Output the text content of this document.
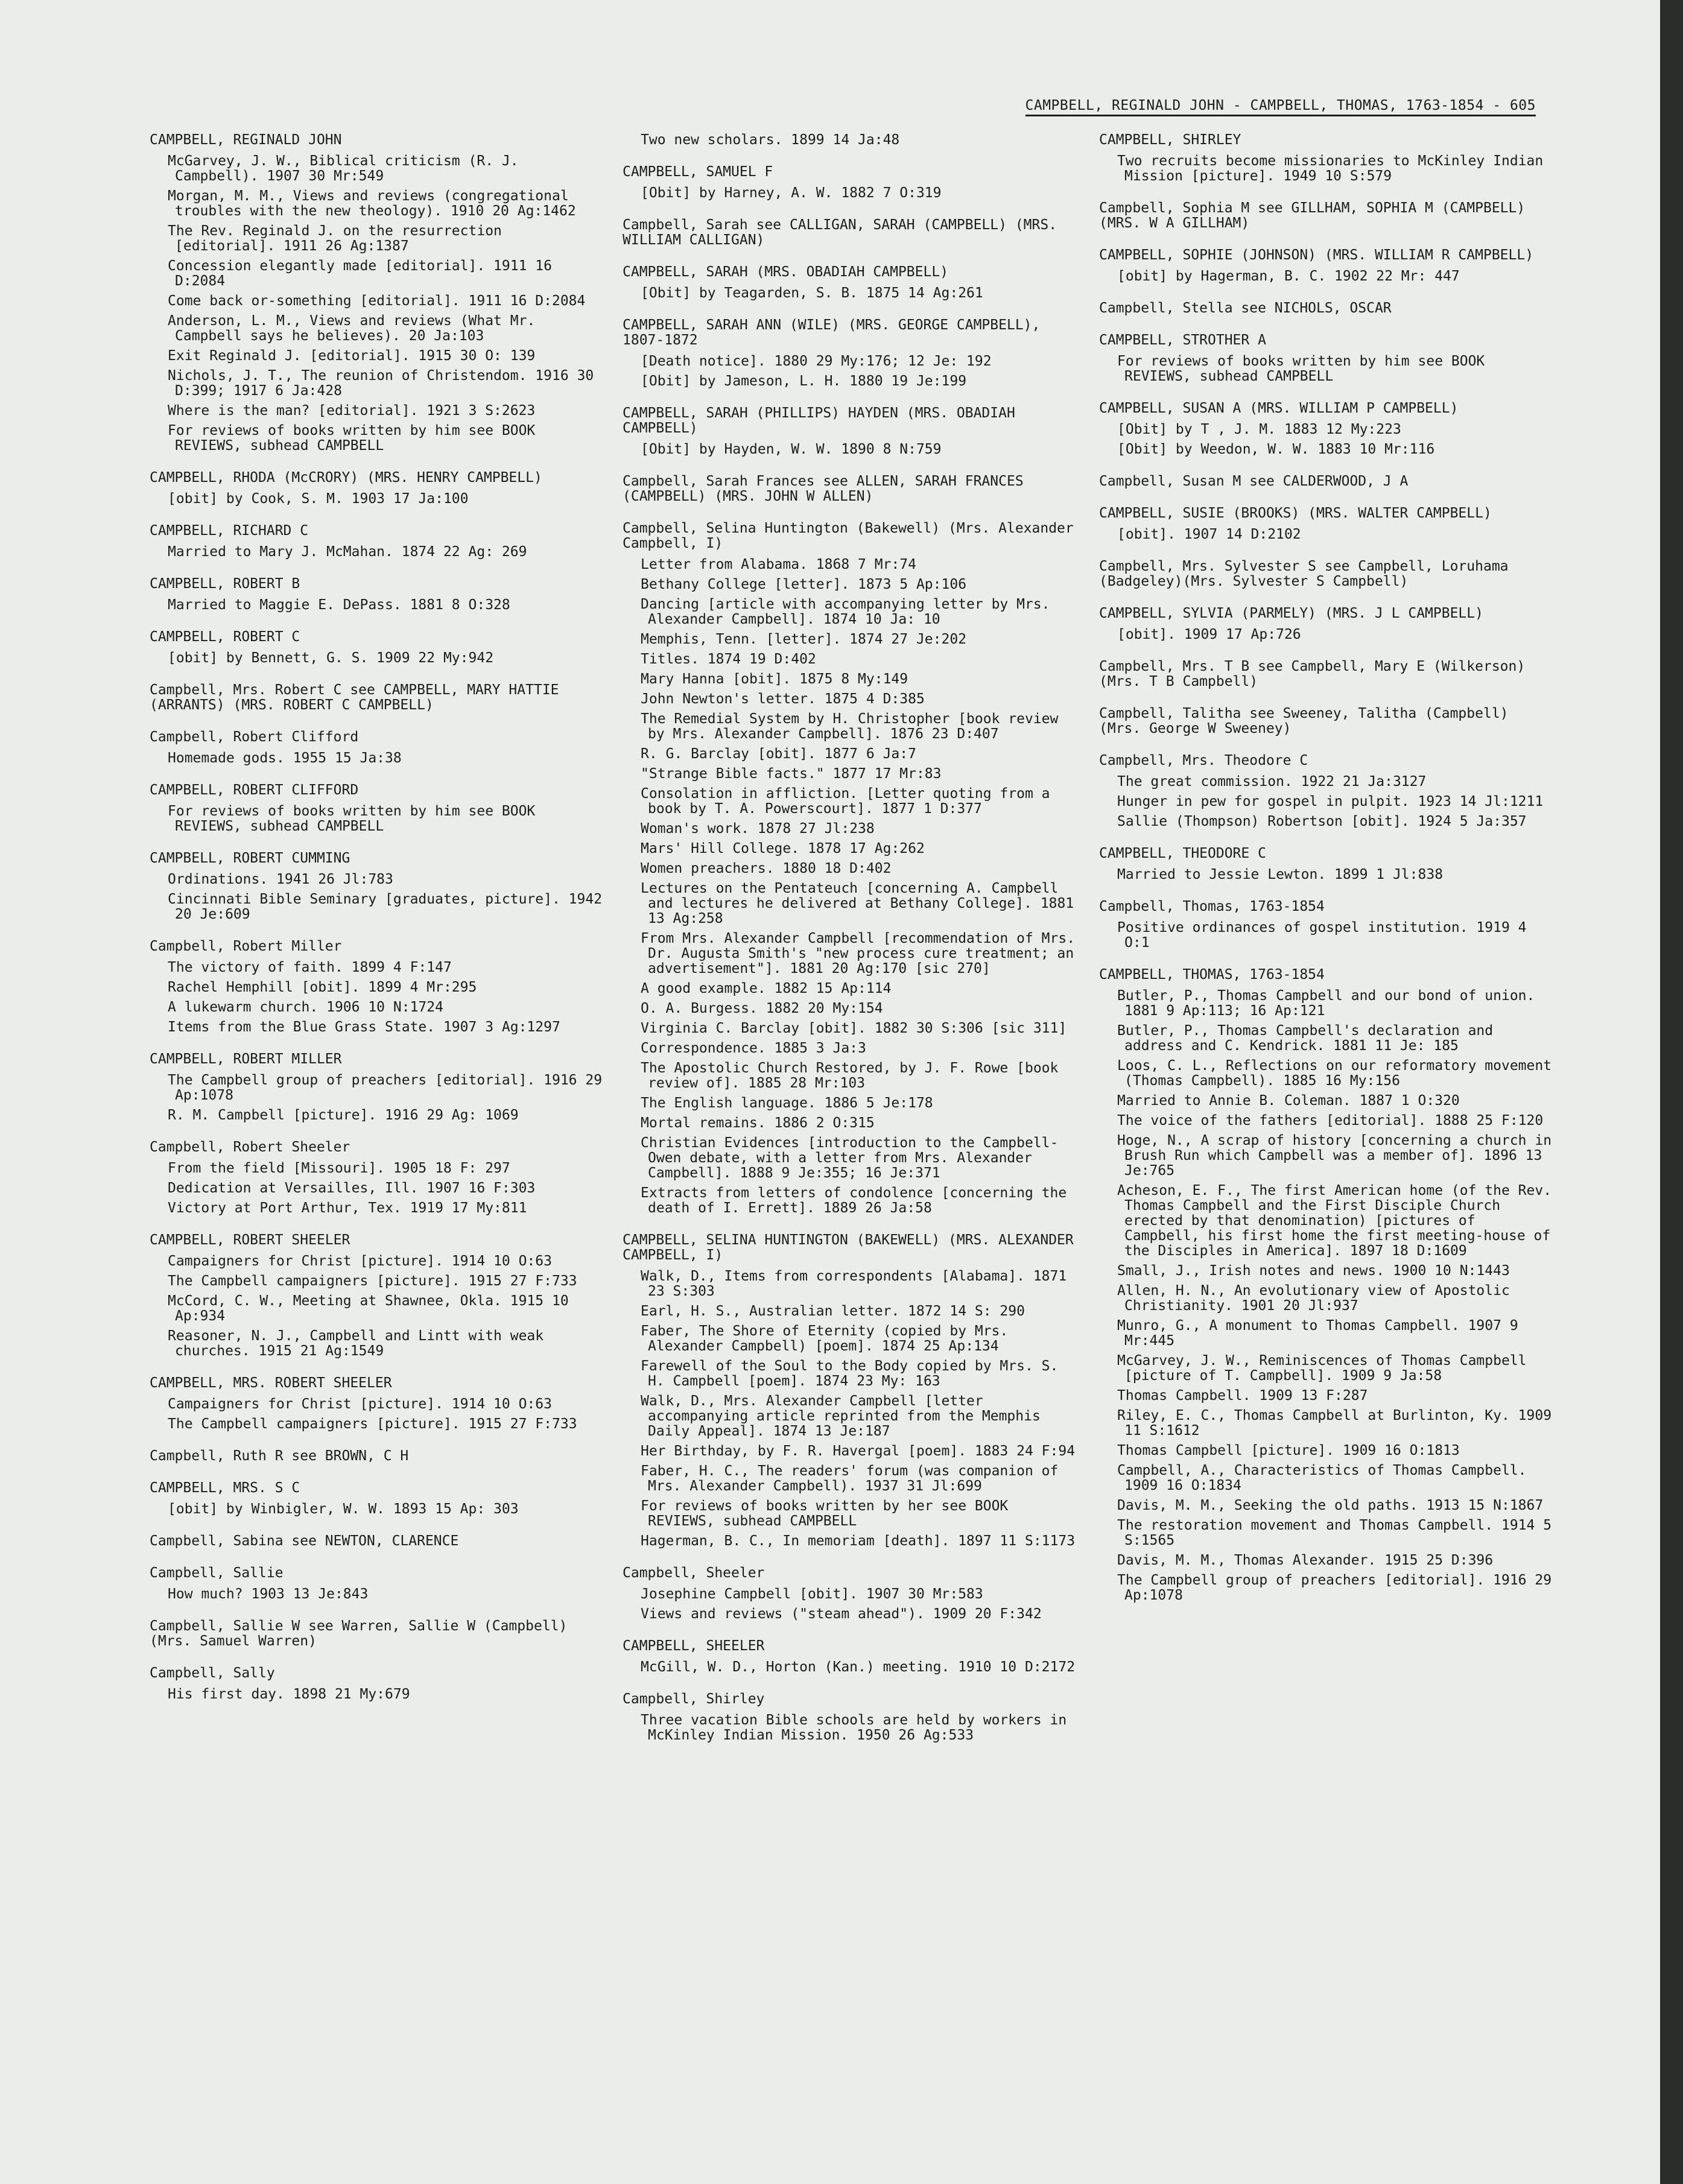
CAMPBELL, REGINALD JOHN - CAMPBELL, THOMAS, 1763-1854 - 605
CAMPBELL, REGINALD JOHN
McGarvey, J. W., Biblical criticism (R. J. Campbell). 1907 30 Mr:549
Morgan, M. M., Views and reviews (congregational troubles with the new theology). 1910 20 Ag:1462
The Rev. Reginald J. on the resurrection [editorial]. 1911 26 Ag:1387
Concession elegantly made [editorial]. 1911 16 D:2084
Come back or-something [editorial]. 1911 16 D:2084
Anderson, L. M., Views and reviews (What Mr. Campbell says he believes). 20 Ja:103
Exit Reginald J. [editorial]. 1915 30 O: 139
Nichols, J. T., The reunion of Christendom. 1916 30 D:399; 1917 6 Ja:428
Where is the man? [editorial]. 1921 3 S:2623
For reviews of books written by him see BOOK REVIEWS, subhead CAMPBELL
CAMPBELL, RHODA (McCRORY) (MRS. HENRY CAMPBELL)
[obit] by Cook, S. M. 1903 17 Ja:100
CAMPBELL, RICHARD C
Married to Mary J. McMahan. 1874 22 Ag: 269
CAMPBELL, ROBERT B
Married to Maggie E. DePass. 1881 8 O:328
CAMPBELL, ROBERT C
[obit] by Bennett, G. S. 1909 22 My:942
Campbell, Mrs. Robert C see CAMPBELL, MARY HATTIE (ARRANTS) (MRS. ROBERT C CAMPBELL)
Campbell, Robert Clifford
Homemade gods. 1955 15 Ja:38
CAMPBELL, ROBERT CLIFFORD
For reviews of books written by him see BOOK REVIEWS, subhead CAMPBELL
CAMPBELL, ROBERT CUMMING
Ordinations. 1941 26 Jl:783
Cincinnati Bible Seminary [graduates, picture]. 1942 20 Je:609
Campbell, Robert Miller
The victory of faith. 1899 4 F:147
Rachel Hemphill [obit]. 1899 4 Mr:295
A lukewarm church. 1906 10 N:1724
Items from the Blue Grass State. 1907 3 Ag:1297
CAMPBELL, ROBERT MILLER
The Campbell group of preachers [editorial]. 1916 29 Ap:1078
R. M. Campbell [picture]. 1916 29 Ag: 1069
Campbell, Robert Sheeler
From the field [Missouri]. 1905 18 F: 297
Dedication at Versailles, Ill. 1907 16 F:303
Victory at Port Arthur, Tex. 1919 17 My:811
CAMPBELL, ROBERT SHEELER
Campaigners for Christ [picture]. 1914 10 O:63
The Campbell campaigners [picture]. 1915 27 F:733
McCord, C. W., Meeting at Shawnee, Okla. 1915 10 Ap:934
Reasoner, N. J., Campbell and Lintt with weak churches. 1915 21 Ag:1549
CAMPBELL, MRS. ROBERT SHEELER
Campaigners for Christ [picture]. 1914 10 O:63
The Campbell campaigners [picture]. 1915 27 F:733
Campbell, Ruth R see BROWN, C H
CAMPBELL, MRS. S C
[obit] by Winbigler, W. W. 1893 15 Ap: 303
Campbell, Sabina see NEWTON, CLARENCE
Campbell, Sallie
How much? 1903 13 Je:843
Campbell, Sallie W see Warren, Sallie W (Campbell) (Mrs. Samuel Warren)
Campbell, Sally
His first day. 1898 21 My:679
Two new scholars. 1899 14 Ja:48
CAMPBELL, SAMUEL F
[Obit] by Harney, A. W. 1882 7 O:319
Campbell, Sarah see CALLIGAN, SARAH (CAMPBELL) (MRS. WILLIAM CALLIGAN)
CAMPBELL, SARAH (MRS. OBADIAH CAMPBELL)
[Obit] by Teagarden, S. B. 1875 14 Ag:261
CAMPBELL, SARAH ANN (WILE) (MRS. GEORGE CAMPBELL), 1807-1872
[Death notice]. 1880 29 My:176; 12 Je: 192
[Obit] by Jameson, L. H. 1880 19 Je:199
CAMPBELL, SARAH (PHILLIPS) HAYDEN (MRS. OBADIAH CAMPBELL)
[Obit] by Hayden, W. W. 1890 8 N:759
Campbell, Sarah Frances see ALLEN, SARAH FRANCES (CAMPBELL) (MRS. JOHN W ALLEN)
Campbell, Selina Huntington (Bakewell) (Mrs. Alexander Campbell, I)
Letter from Alabama. 1868 7 Mr:74
Bethany College [letter]. 1873 5 Ap:106
Dancing [article with accompanying letter by Mrs. Alexander Campbell]. 1874 10 Ja: 10
Memphis, Tenn. [letter]. 1874 27 Je:202
Titles. 1874 19 D:402
Mary Hanna [obit]. 1875 8 My:149
John Newton's letter. 1875 4 D:385
The Remedial System by H. Christopher [book review by Mrs. Alexander Campbell]. 1876 23 D:407
R. G. Barclay [obit]. 1877 6 Ja:7
"Strange Bible facts." 1877 17 Mr:83
Consolation in affliction. [Letter quoting from a book by T. A. Powerscourt]. 1877 1 D:377
Woman's work. 1878 27 Jl:238
Mars' Hill College. 1878 17 Ag:262
Women preachers. 1880 18 D:402
Lectures on the Pentateuch [concerning A. Campbell and lectures he delivered at Bethany College]. 1881 13 Ag:258
From Mrs. Alexander Campbell [recommendation of Mrs. Dr. Augusta Smith's "new process cure treatment; an advertisement"]. 1881 20 Ag:170 [sic 270]
A good example. 1882 15 Ap:114
O. A. Burgess. 1882 20 My:154
Virginia C. Barclay [obit]. 1882 30 S:306 [sic 311]
Correspondence. 1885 3 Ja:3
The Apostolic Church Restored, by J. F. Rowe [book review of]. 1885 28 Mr:103
The English language. 1886 5 Je:178
Mortal remains. 1886 2 O:315
Christian Evidences [introduction to the Campbell-Owen debate, with a letter from Mrs. Alexander Campbell]. 1888 9 Je:355; 16 Je:371
Extracts from letters of condolence [concerning the death of I. Errett]. 1889 26 Ja:58
CAMPBELL, SELINA HUNTINGTON (BAKEWELL) (MRS. ALEXANDER CAMPBELL, I)
Walk, D., Items from correspondents [Alabama]. 1871 23 S:303
Earl, H. S., Australian letter. 1872 14 S: 290
Faber, The Shore of Eternity (copied by Mrs. Alexander Campbell) [poem]. 1874 25 Ap:134
Farewell of the Soul to the Body copied by Mrs. S. H. Campbell [poem]. 1874 23 My: 163
Walk, D., Mrs. Alexander Campbell [letter accompanying article reprinted from the Memphis Daily Appeal]. 1874 13 Je:187
Her Birthday, by F. R. Havergal [poem]. 1883 24 F:94
Faber, H. C., The readers' forum (was companion of Mrs. Alexander Campbell). 1937 31 Jl:699
For reviews of books written by her see BOOK REVIEWS, subhead CAMPBELL
Hagerman, B. C., In memoriam [death]. 1897 11 S:1173
Campbell, Sheeler
Josephine Campbell [obit]. 1907 30 Mr:583
Views and reviews ("steam ahead"). 1909 20 F:342
CAMPBELL, SHEELER
McGill, W. D., Horton (Kan.) meeting. 1910 10 D:2172
Campbell, Shirley
Three vacation Bible schools are held by workers in McKinley Indian Mission. 1950 26 Ag:533
CAMPBELL, SHIRLEY
Two recruits become missionaries to McKinley Indian Mission [picture]. 1949 10 S:579
Campbell, Sophia M see GILLHAM, SOPHIA M (CAMPBELL) (MRS. W A GILLHAM)
CAMPBELL, SOPHIE (JOHNSON) (MRS. WILLIAM R CAMPBELL)
[obit] by Hagerman, B. C. 1902 22 Mr: 447
Campbell, Stella see NICHOLS, OSCAR
CAMPBELL, STROTHER A
For reviews of books written by him see BOOK REVIEWS, subhead CAMPBELL
CAMPBELL, SUSAN A (MRS. WILLIAM P CAMPBELL)
[Obit] by T , J. M. 1883 12 My:223
[Obit] by Weedon, W. W. 1883 10 Mr:116
Campbell, Susan M see CALDERWOOD, J A
CAMPBELL, SUSIE (BROOKS) (MRS. WALTER CAMPBELL)
[obit]. 1907 14 D:2102
Campbell, Mrs. Sylvester S see Campbell, Loruhama (Badgeley)(Mrs. Sylvester S Campbell)
CAMPBELL, SYLVIA (PARMELY) (MRS. J L CAMPBELL)
[obit]. 1909 17 Ap:726
Campbell, Mrs. T B see Campbell, Mary E (Wilkerson) (Mrs. T B Campbell)
Campbell, Talitha see Sweeney, Talitha (Campbell) (Mrs. George W Sweeney)
Campbell, Mrs. Theodore C
The great commission. 1922 21 Ja:3127
Hunger in pew for gospel in pulpit. 1923 14 Jl:1211
Sallie (Thompson) Robertson [obit]. 1924 5 Ja:357
CAMPBELL, THEODORE C
Married to Jessie Lewton. 1899 1 Jl:838
Campbell, Thomas, 1763-1854
Positive ordinances of gospel institution. 1919 4 O:1
CAMPBELL, THOMAS, 1763-1854
Butler, P., Thomas Campbell and our bond of union. 1881 9 Ap:113; 16 Ap:121
Butler, P., Thomas Campbell's declaration and address and C. Kendrick. 1881 11 Je: 185
Loos, C. L., Reflections on our reformatory movement (Thomas Campbell). 1885 16 My:156
Married to Annie B. Coleman. 1887 1 O:320
The voice of the fathers [editorial]. 1888 25 F:120
Hoge, N., A scrap of history [concerning a church in Brush Run which Campbell was a member of]. 1896 13 Je:765
Acheson, E. F., The first American home (of the Rev. Thomas Campbell and the First Disciple Church erected by that denomination) [pictures of Campbell, his first home the first meeting-house of the Disciples in America]. 1897 18 D:1609
Small, J., Irish notes and news. 1900 10 N:1443
Allen, H. N., An evolutionary view of Apostolic Christianity. 1901 20 Jl:937
Munro, G., A monument to Thomas Campbell. 1907 9 Mr:445
McGarvey, J. W., Reminiscences of Thomas Campbell [picture of T. Campbell]. 1909 9 Ja:58
Thomas Campbell. 1909 13 F:287
Riley, E. C., Thomas Campbell at Burlinton, Ky. 1909 11 S:1612
Thomas Campbell [picture]. 1909 16 O:1813
Campbell, A., Characteristics of Thomas Campbell. 1909 16 O:1834
Davis, M. M., Seeking the old paths. 1913 15 N:1867
The restoration movement and Thomas Campbell. 1914 5 S:1565
Davis, M. M., Thomas Alexander. 1915 25 D:396
The Campbell group of preachers [editorial]. 1916 29 Ap:1078
